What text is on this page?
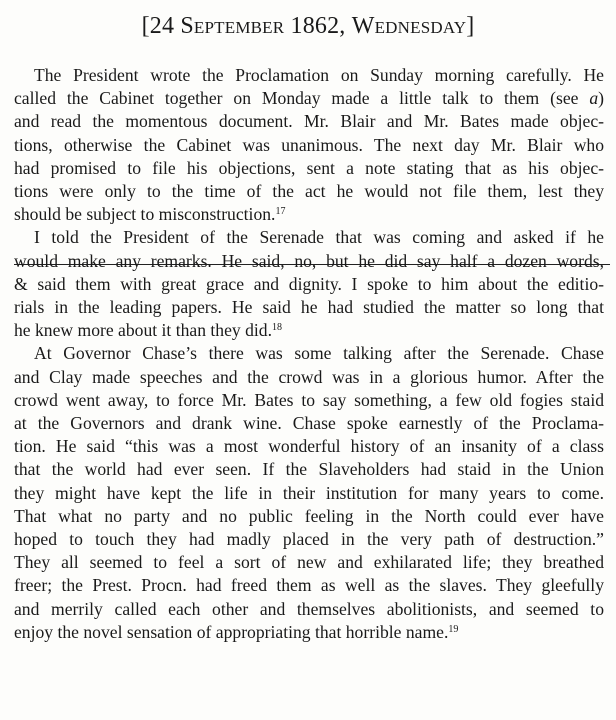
[24 September 1862, Wednesday]
The President wrote the Proclamation on Sunday morning carefully. He
called the Cabinet together on Monday made a little talk to them (see a)
and read the momentous document. Mr. Blair and Mr. Bates made objec-
tions, otherwise the Cabinet was unanimous. The next day Mr. Blair who
had promised to file his objections, sent a note stating that as his objec-
tions were only to the time of the act he would not file them, lest they
should be subject to misconstruction.$^{17}$
I told the President of the Serenade that was coming and asked if he
would make any remarks. He said, no, but he did say half a dozen words,
& said them with great grace and dignity. I spoke to him about the editio-
rials in the leading papers. He said he had studied the matter so long that
he knew more about it than they did.$^{18}$
At Governor Chase’s there was some talking after the Serenade. Chase
and Clay made speeches and the crowd was in a glorious humor. After the
crowd went away, to force Mr. Bates to say something, a few old fogies staid
at the Governors and drank wine. Chase spoke earnestly of the Proclama-
tion. He said “this was a most wonderful history of an insanity of a class
that the world had ever seen. If the Slaveholders had staid in the Union
they might have kept the life in their institution for many years to come.
That what no party and no public feeling in the North could ever have
hoped to touch they had madly placed in the very path of destruction.”
They all seemed to feel a sort of new and exhilarated life; they breathed
freer; the Prest. Procn. had freed them as well as the slaves. They gleefully
and merrily called each other and themselves abolitionists, and seemed to
enjoy the novel sensation of appropriating that horrible name.$^{19}$
